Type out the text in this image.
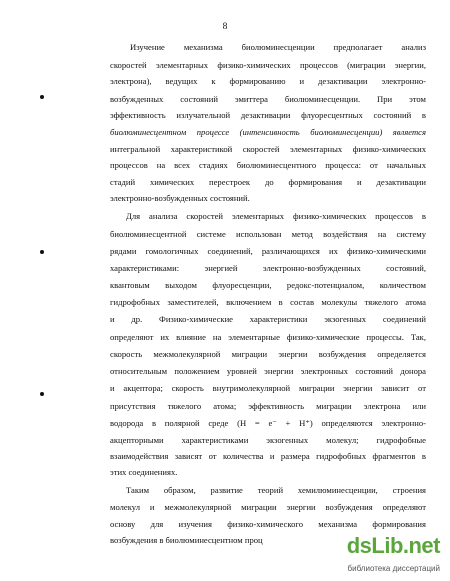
8
Изучение механизма биолюминесценции предполагает анализ
скоростей элементарных физико-химических процессов (миграции энергии,
электрона), ведущих к формированию и дезактивации электронно-
возбужденных состояний эмиттера биолюминесценции. При этом
эффективность излучательной дезактивации флуоресцентных состояний в
биолюминесцентном процессе (интенсивность биолюминесценции) является
интегральной характеристикой скоростей элементарных физико-химических
процессов на всех стадиях биолюминесцентного процесса: от начальных
стадий химических перестроек до формирования и дезактивации
электронно-возбужденных состояний.
Для анализа скоростей элементарных физико-химических процессов в
биолюминесцентной системе использован метод воздействия на систему
рядами гомологичных соединений, различающихся их физико-химическими
характеристиками: энергией электронно-возбужденных состояний,
квантовым выходом флуоресценции, редокс-потенциалом, количеством
гидрофобных заместителей, включением в состав молекулы тяжелого атома
и др. Физико-химические характеристики экзогенных соединений
определяют их влияние на элементарные физико-химические процессы. Так,
скорость межмолекулярной миграции энергии возбуждения определяется
относительным положением уровней энергии электронных состояний донора
и акцептора; скорость внутримолекулярной миграции энергии зависит от
присутствия тяжелого атома; эффективность миграции электрона или
водорода в полярной среде (H = e⁻ + H⁺) определяются электронно-
акцепторными характеристиками экзогенных молекул; гидрофобные
взаимодействия зависят от количества и размера гидрофобных фрагментов в
этих соединениях.
Таким образом, развитие теорий хемилюминесценции, строения
молекул и межмолекулярной миграции энергии возбуждения определяют
основу для изучения физико-химического механизма формирования
возбуждения в биолюминесцентном проц	dsLib.net
библиотека диссертаций
